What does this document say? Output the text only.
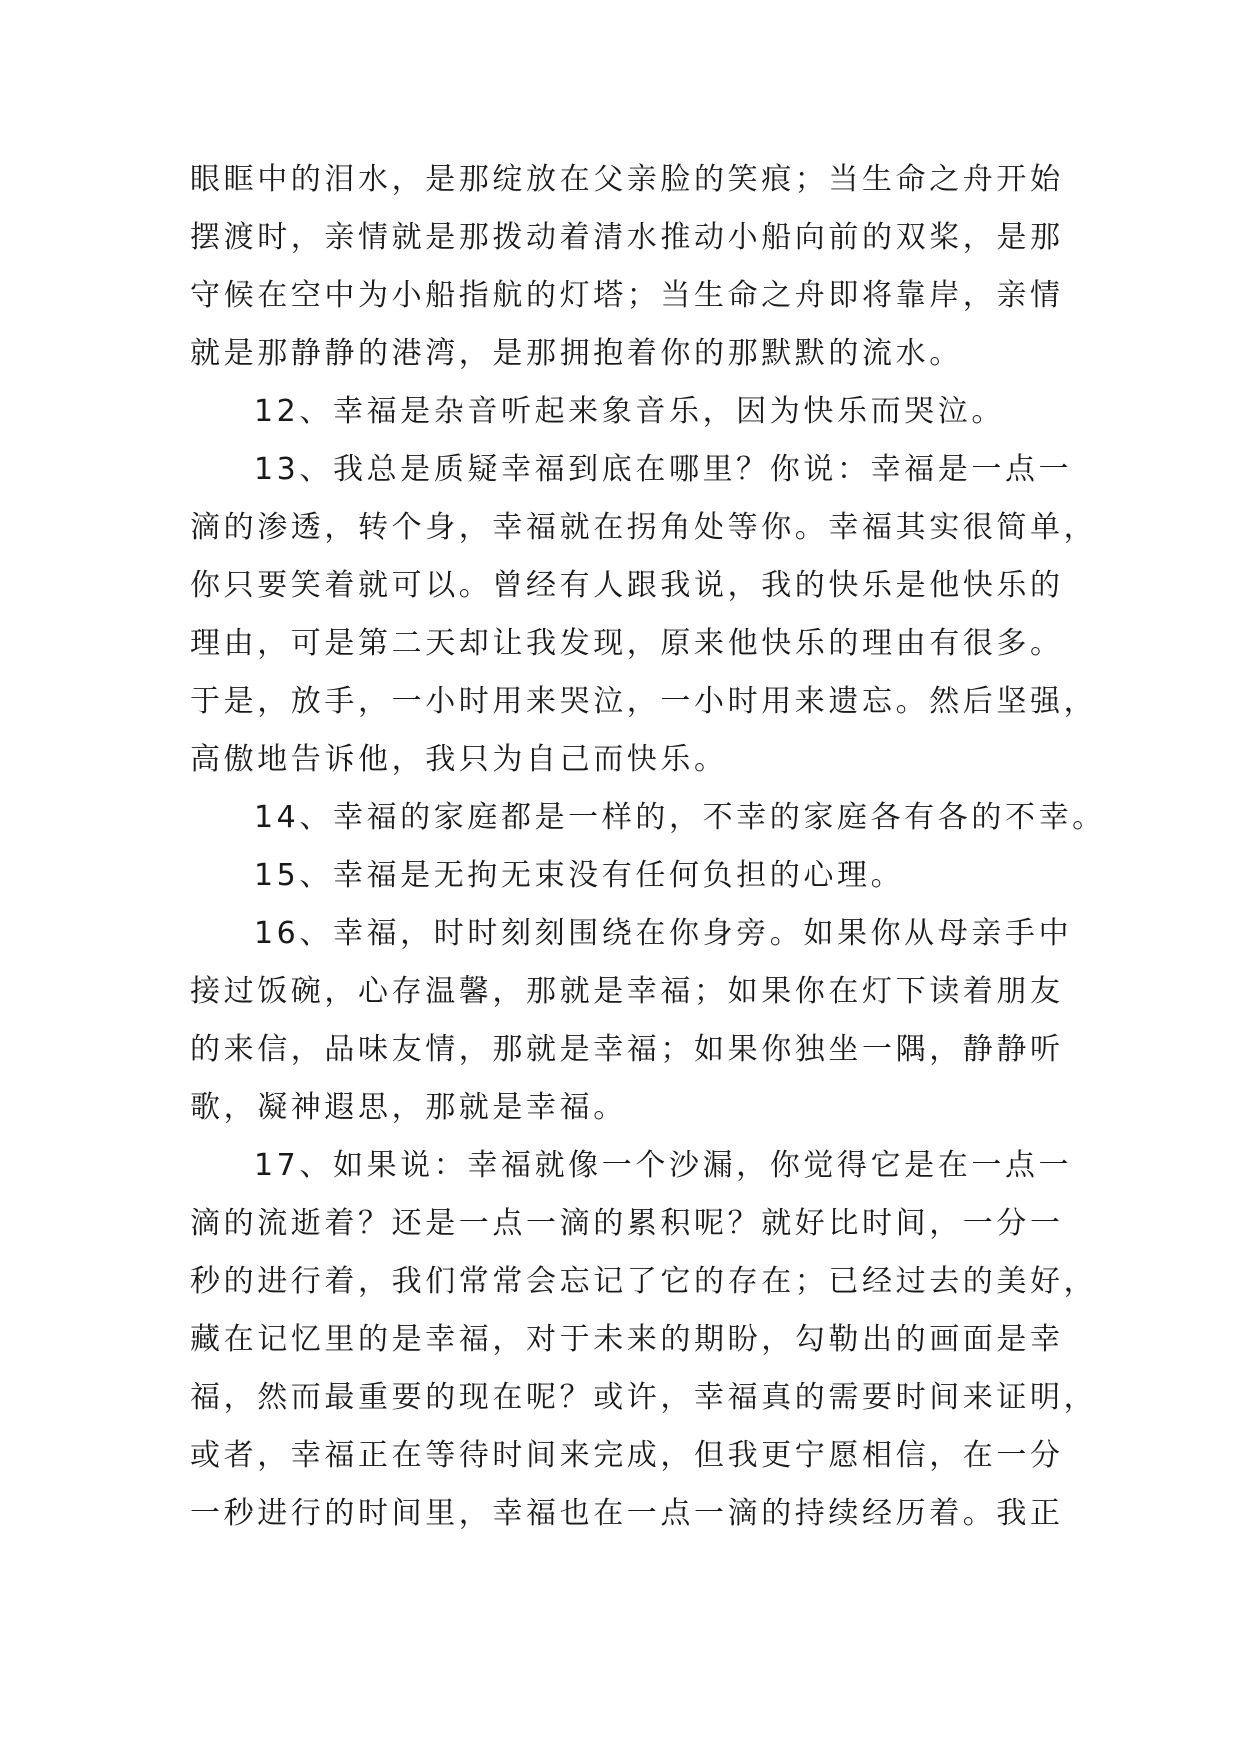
眼眶中的泪水，是那绽放在父亲脸的笑痕；当生命之舟开始
摆渡时，亲情就是那拨动着清水推动小船向前的双桨，是那
守候在空中为小船指航的灯塔；当生命之舟即将靠岸，亲情
就是那静静的港湾，是那拥抱着你的那默默的流水。
12、幸福是杂音听起来象音乐，因为快乐而哭泣。
13、我总是质疑幸福到底在哪里？你说：幸福是一点一
滴的渗透，转个身，幸福就在拐角处等你。幸福其实很简单，
你只要笑着就可以。曾经有人跟我说，我的快乐是他快乐的
理由，可是第二天却让我发现，原来他快乐的理由有很多。
于是，放手，一小时用来哭泣，一小时用来遗忘。然后坚强，
高傲地告诉他，我只为自己而快乐。
14、幸福的家庭都是一样的，不幸的家庭各有各的不幸。
15、幸福是无拘无束没有任何负担的心理。
16、幸福，时时刻刻围绕在你身旁。如果你从母亲手中
接过饭碗，心存温馨，那就是幸福；如果你在灯下读着朋友
的来信，品味友情，那就是幸福；如果你独坐一隅，静静听
歌，凝神遐思，那就是幸福。
17、如果说：幸福就像一个沙漏，你觉得它是在一点一
滴的流逝着？还是一点一滴的累积呢？就好比时间，一分一
秒的进行着，我们常常会忘记了它的存在；已经过去的美好，
藏在记忆里的是幸福，对于未来的期盼，勾勒出的画面是幸
福，然而最重要的现在呢？或许，幸福真的需要时间来证明，
或者，幸福正在等待时间来完成，但我更宁愿相信，在一分
一秒进行的时间里，幸福也在一点一滴的持续经历着。我正
